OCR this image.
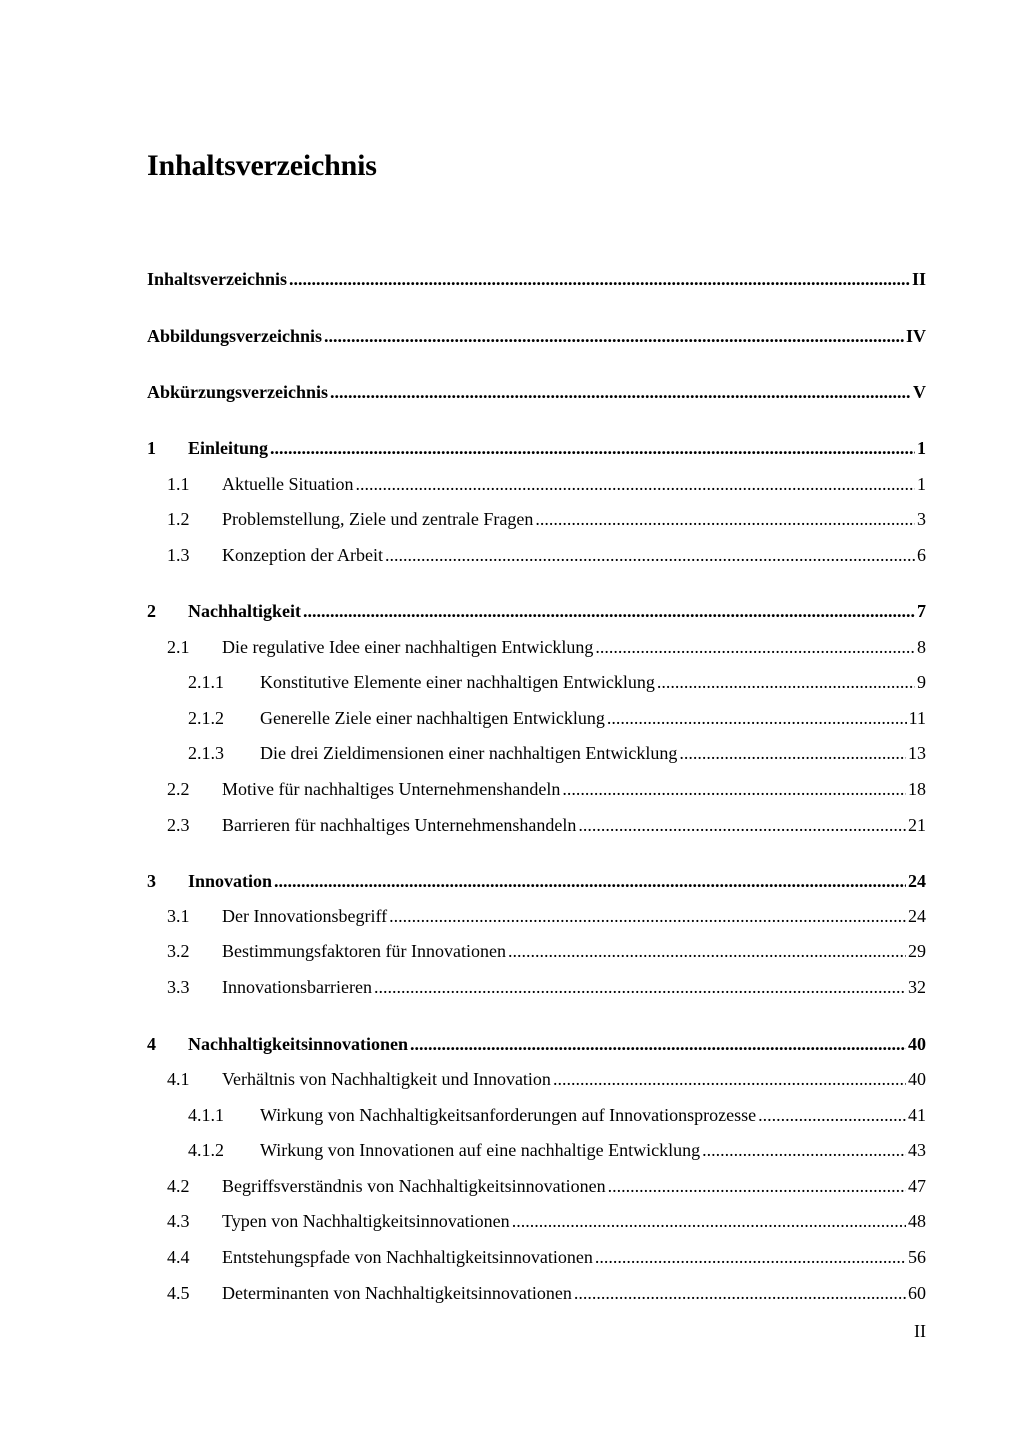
Inhaltsverzeichnis
Inhaltsverzeichnis .....	II
Abbildungsverzeichnis .....	IV
Abkürzungsverzeichnis .....	V
1	Einleitung .....	1
1.1	Aktuelle Situation .....	1
1.2	Problemstellung, Ziele und zentrale Fragen .....	3
1.3	Konzeption der Arbeit .....	6
2	Nachhaltigkeit .....	7
2.1	Die regulative Idee einer nachhaltigen Entwicklung .....	8
2.1.1	Konstitutive Elemente einer nachhaltigen Entwicklung .....	9
2.1.2	Generelle Ziele einer nachhaltigen Entwicklung .....	11
2.1.3	Die drei Zieldimensionen einer nachhaltigen Entwicklung .....	13
2.2	Motive für nachhaltiges Unternehmenshandeln .....	18
2.3	Barrieren für nachhaltiges Unternehmenshandeln .....	21
3	Innovation .....	24
3.1	Der Innovationsbegriff .....	24
3.2	Bestimmungsfaktoren für Innovationen .....	29
3.3	Innovationsbarrieren .....	32
4	Nachhaltigkeitsinnovationen .....	40
4.1	Verhältnis von Nachhaltigkeit und Innovation .....	40
4.1.1	Wirkung von Nachhaltigkeitsanforderungen auf Innovationsprozesse .....	41
4.1.2	Wirkung von Innovationen auf eine nachhaltige Entwicklung .....	43
4.2	Begriffsverständnis von Nachhaltigkeitsinnovationen .....	47
4.3	Typen von Nachhaltigkeitsinnovationen .....	48
4.4	Entstehungspfade von Nachhaltigkeitsinnovationen .....	56
4.5	Determinanten von Nachhaltigkeitsinnovationen .....	60
II
